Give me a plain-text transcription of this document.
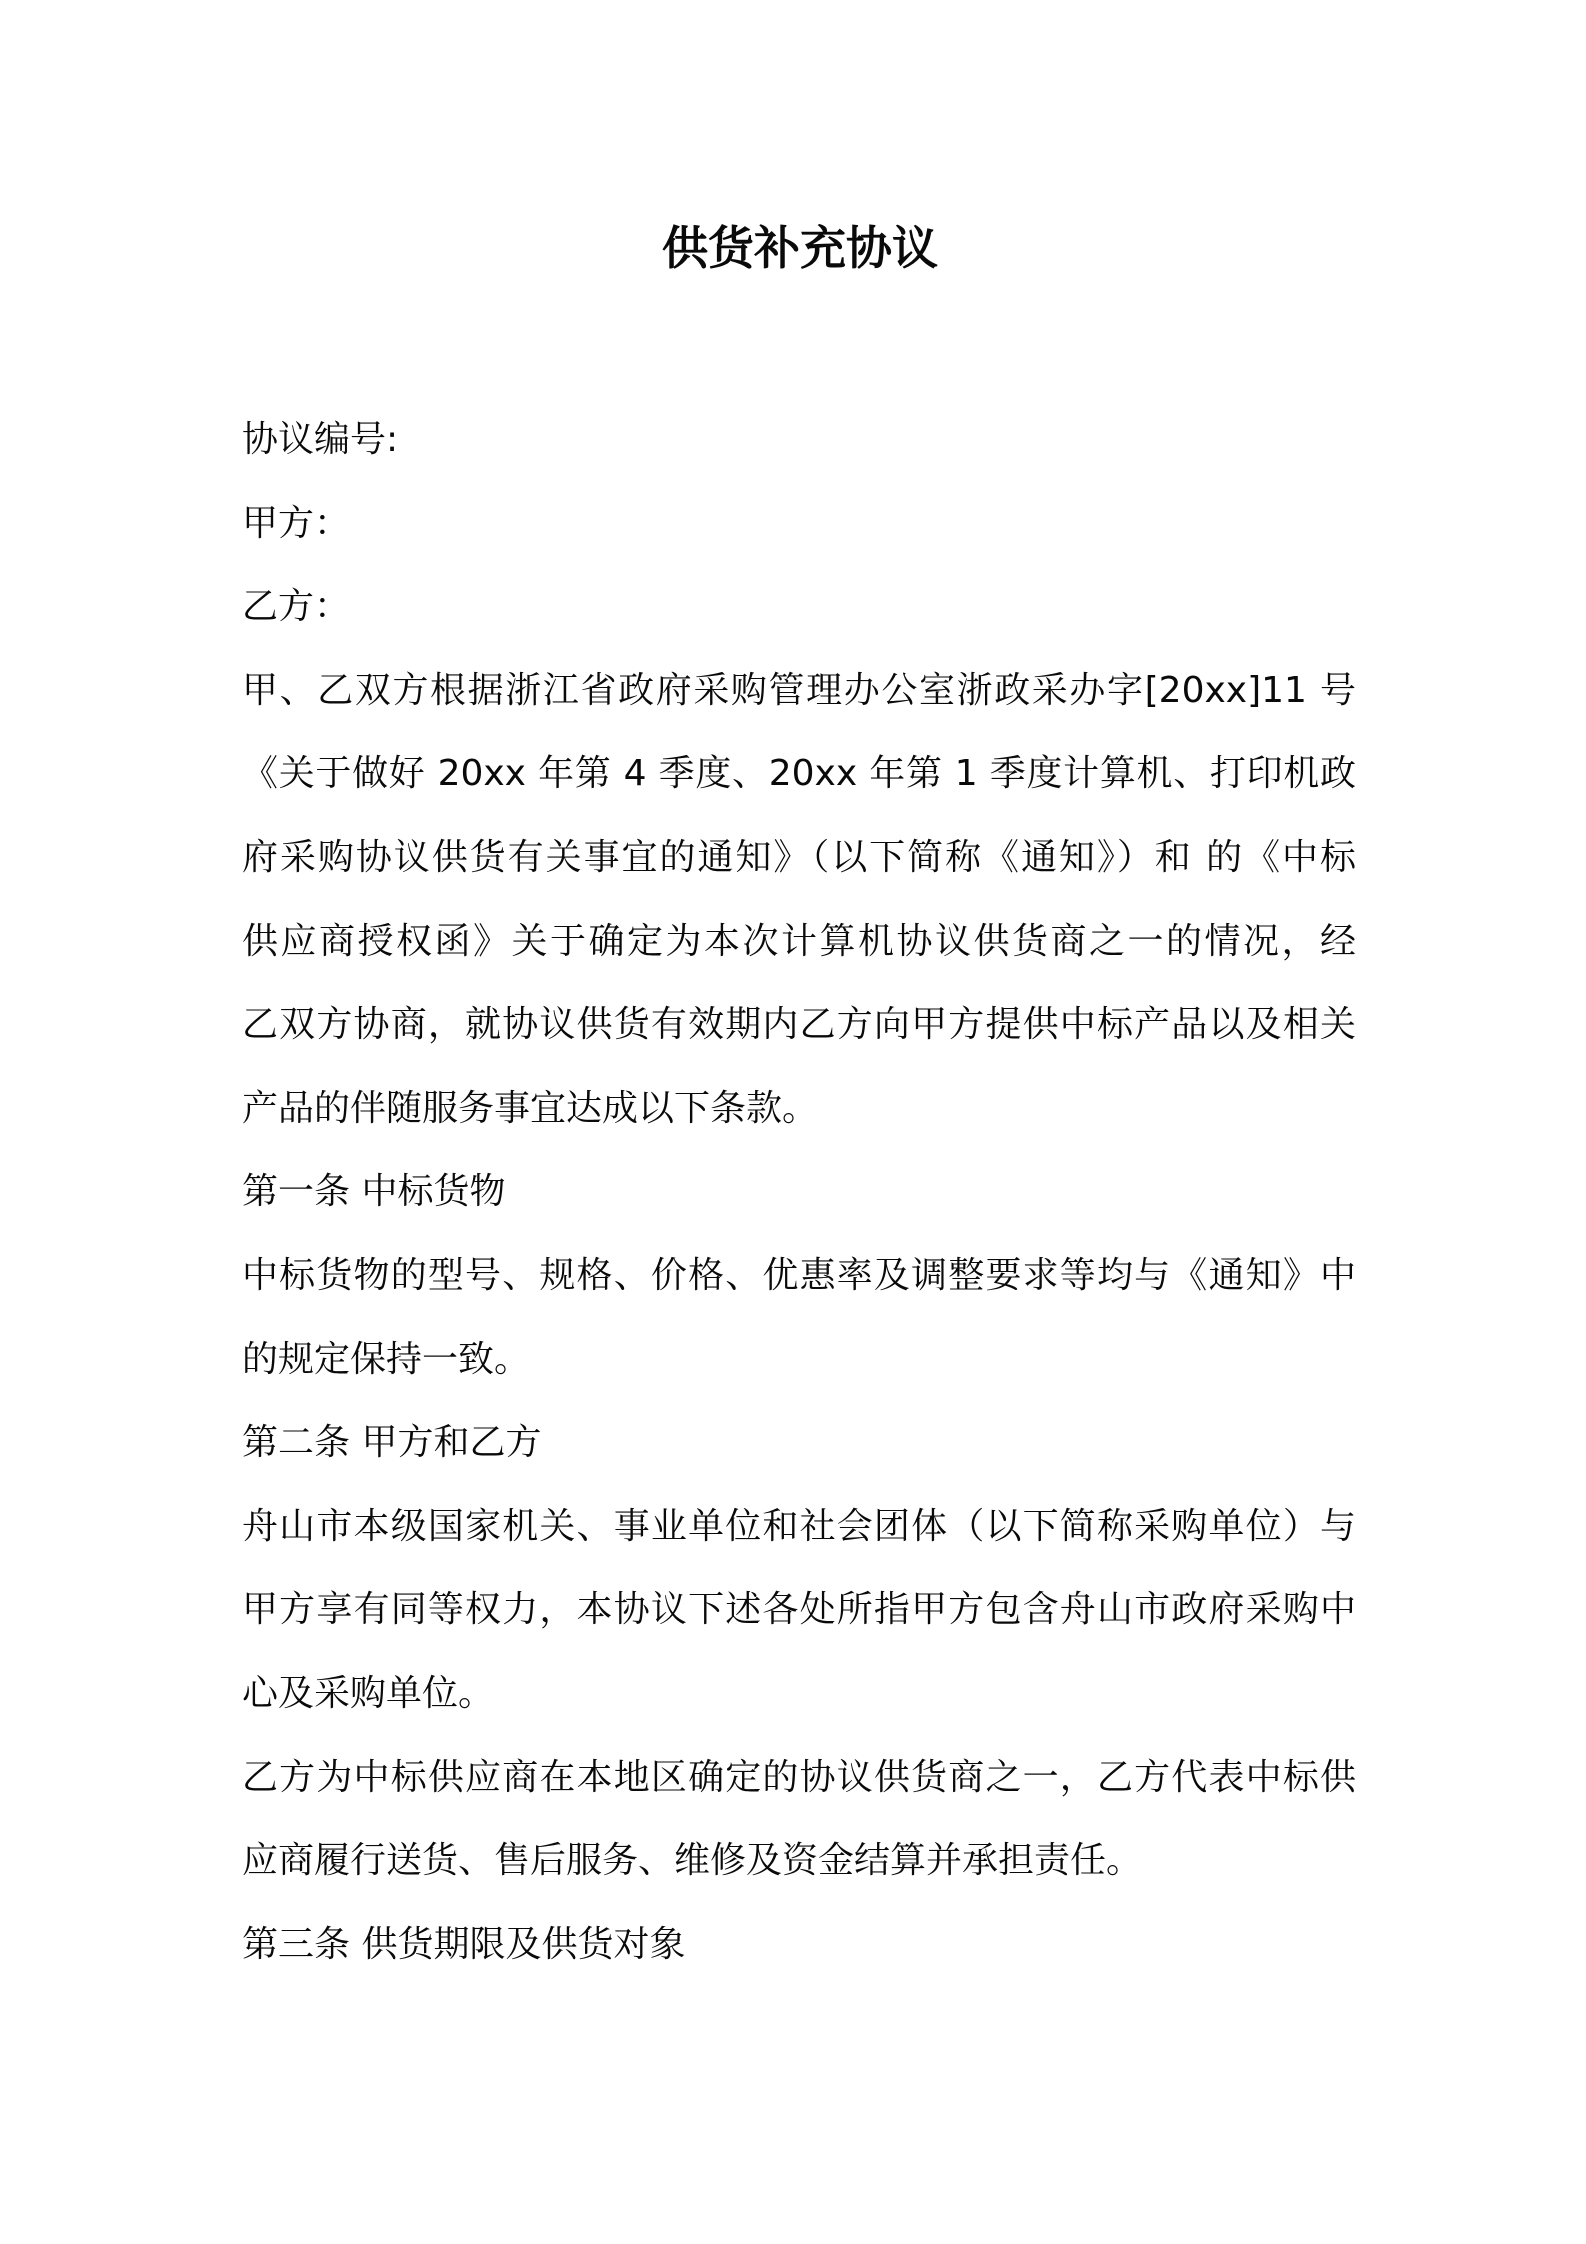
供货补充协议
协议编号:
甲方：
乙方：
甲、乙双方根据浙江省政府采购管理办公室浙政采办字[20xx]11 号
《关于做好 20xx 年第 4 季度、20xx 年第 1 季度计算机、打印机政
府采购协议供货有关事宜的通知》（以下简称《通知》）和 的《中标
供应商授权函》关于确定为本次计算机协议供货商之一的情况，经
乙双方协商，就协议供货有效期内乙方向甲方提供中标产品以及相关
产品的伴随服务事宜达成以下条款。
第一条 中标货物
中标货物的型号、规格、价格、优惠率及调整要求等均与《通知》中
的规定保持一致。
第二条 甲方和乙方
舟山市本级国家机关、事业单位和社会团体（以下简称采购单位）与
甲方享有同等权力，本协议下述各处所指甲方包含舟山市政府采购中
心及采购单位。
乙方为中标供应商在本地区确定的协议供货商之一，乙方代表中标供
应商履行送货、售后服务、维修及资金结算并承担责任。
第三条 供货期限及供货对象
